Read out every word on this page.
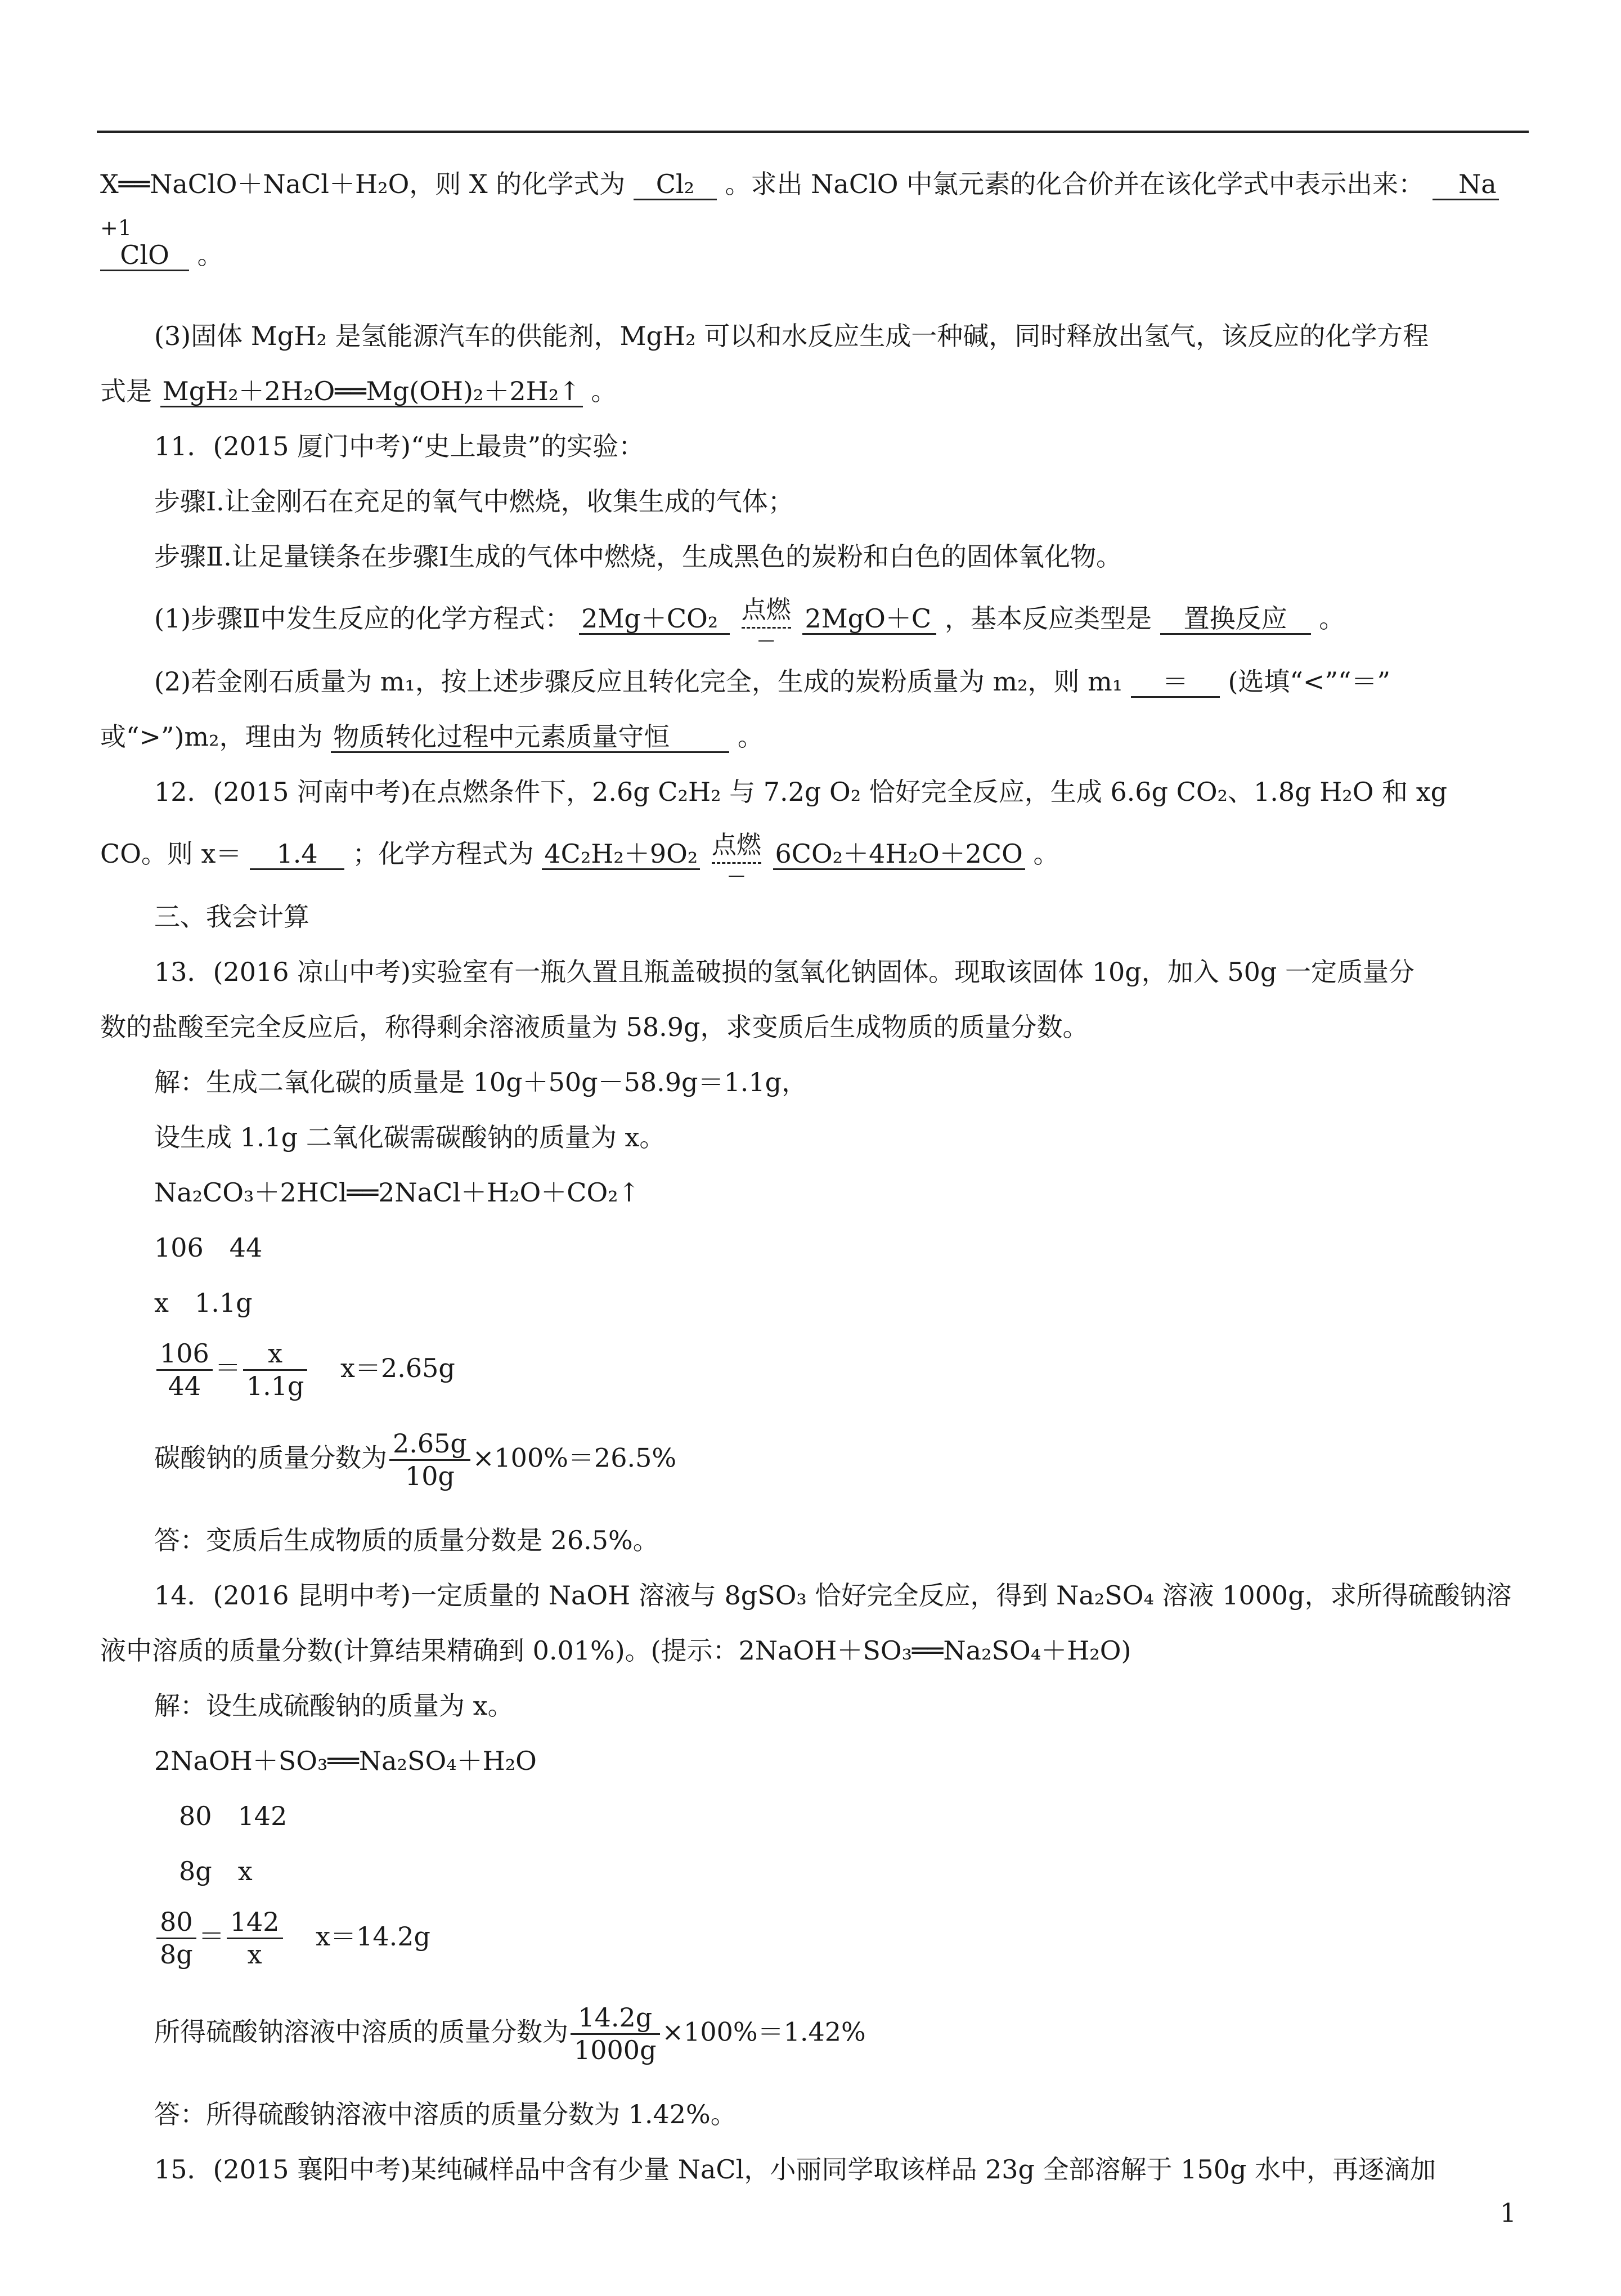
X══NaClO＋NaCl＋H₂O，则 X 的化学式为 Cl₂ 。求出 NaClO 中氯元素的化合价并在该化学式中表示出来： Na
+1
ClO 。
(3)固体 MgH₂ 是氢能源汽车的供能剂，MgH₂ 可以和水反应生成一种碱，同时释放出氢气，该反应的化学方程
式是 MgH₂＋2H₂O══Mg(OH)₂＋2H₂↑ 。
11．(2015 厦门中考)“史上最贵”的实验：
步骤Ⅰ.让金刚石在充足的氧气中燃烧，收集生成的气体；
步骤Ⅱ.让足量镁条在步骤Ⅰ生成的气体中燃烧，生成黑色的炭粉和白色的固体氧化物。
(1)步骤Ⅱ中发生反应的化学方程式： 2Mg＋CO₂ 点燃
—
2MgO＋C ，基本反应类型是 置换反应 。
(2)若金刚石质量为 m₁，按上述步骤反应且转化完全，生成的炭粉质量为 m₂，则 m₁ ＝ (选填“<”“＝”
或“>”)m₂，理由为 物质转化过程中元素质量守恒	。
12．(2015 河南中考)在点燃条件下，2.6g C₂H₂ 与 7.2g O₂ 恰好完全反应，生成 6.6g CO₂、1.8g H₂O 和 xg
CO。则 x＝ 1.4 ；化学方程式为 4C₂H₂＋9O₂ 点燃
—
6CO₂＋4H₂O＋2CO 。
三、我会计算
13．(2016 凉山中考)实验室有一瓶久置且瓶盖破损的氢氧化钠固体。现取该固体 10g，加入 50g 一定质量分
数的盐酸至完全反应后，称得剩余溶液质量为 58.9g，求变质后生成物质的质量分数。
解：生成二氧化碳的质量是 10g＋50g－58.9g＝1.1g，
设生成 1.1g 二氧化碳需碳酸钠的质量为 x。
Na₂CO₃＋2HCl══2NaCl＋H₂O＋CO₂↑
106　44
x　1.1g
$\frac{106}{44} = \frac{x}{1.1g} x=2.65g$
碳酸钠的质量分数为 $\frac{2.65g}{10g} \times 100\%=26.5\%$
答：变质后生成物质的质量分数是 26.5%。
14．(2016 昆明中考)一定质量的 NaOH 溶液与 8gSO₃ 恰好完全反应，得到 Na₂SO₄ 溶液 1000g，求所得硫酸钠溶
液中溶质的质量分数(计算结果精确到 0.01%)。(提示：2NaOH＋SO₃══Na₂SO₄＋H₂O)
解：设生成硫酸钠的质量为 x。
2NaOH＋SO₃══Na₂SO₄＋H₂O
80　142
8g　x
$\frac{80}{8g} = \frac{142}{x} x=14.2g$
所得硫酸钠溶液中溶质的质量分数为 $\frac{14.2g}{1000g} \times 100\%=1.42\%$
答：所得硫酸钠溶液中溶质的质量分数为 1.42%。
15．(2015 襄阳中考)某纯碱样品中含有少量 NaCl，小丽同学取该样品 23g 全部溶解于 150g 水中，再逐滴加
1
